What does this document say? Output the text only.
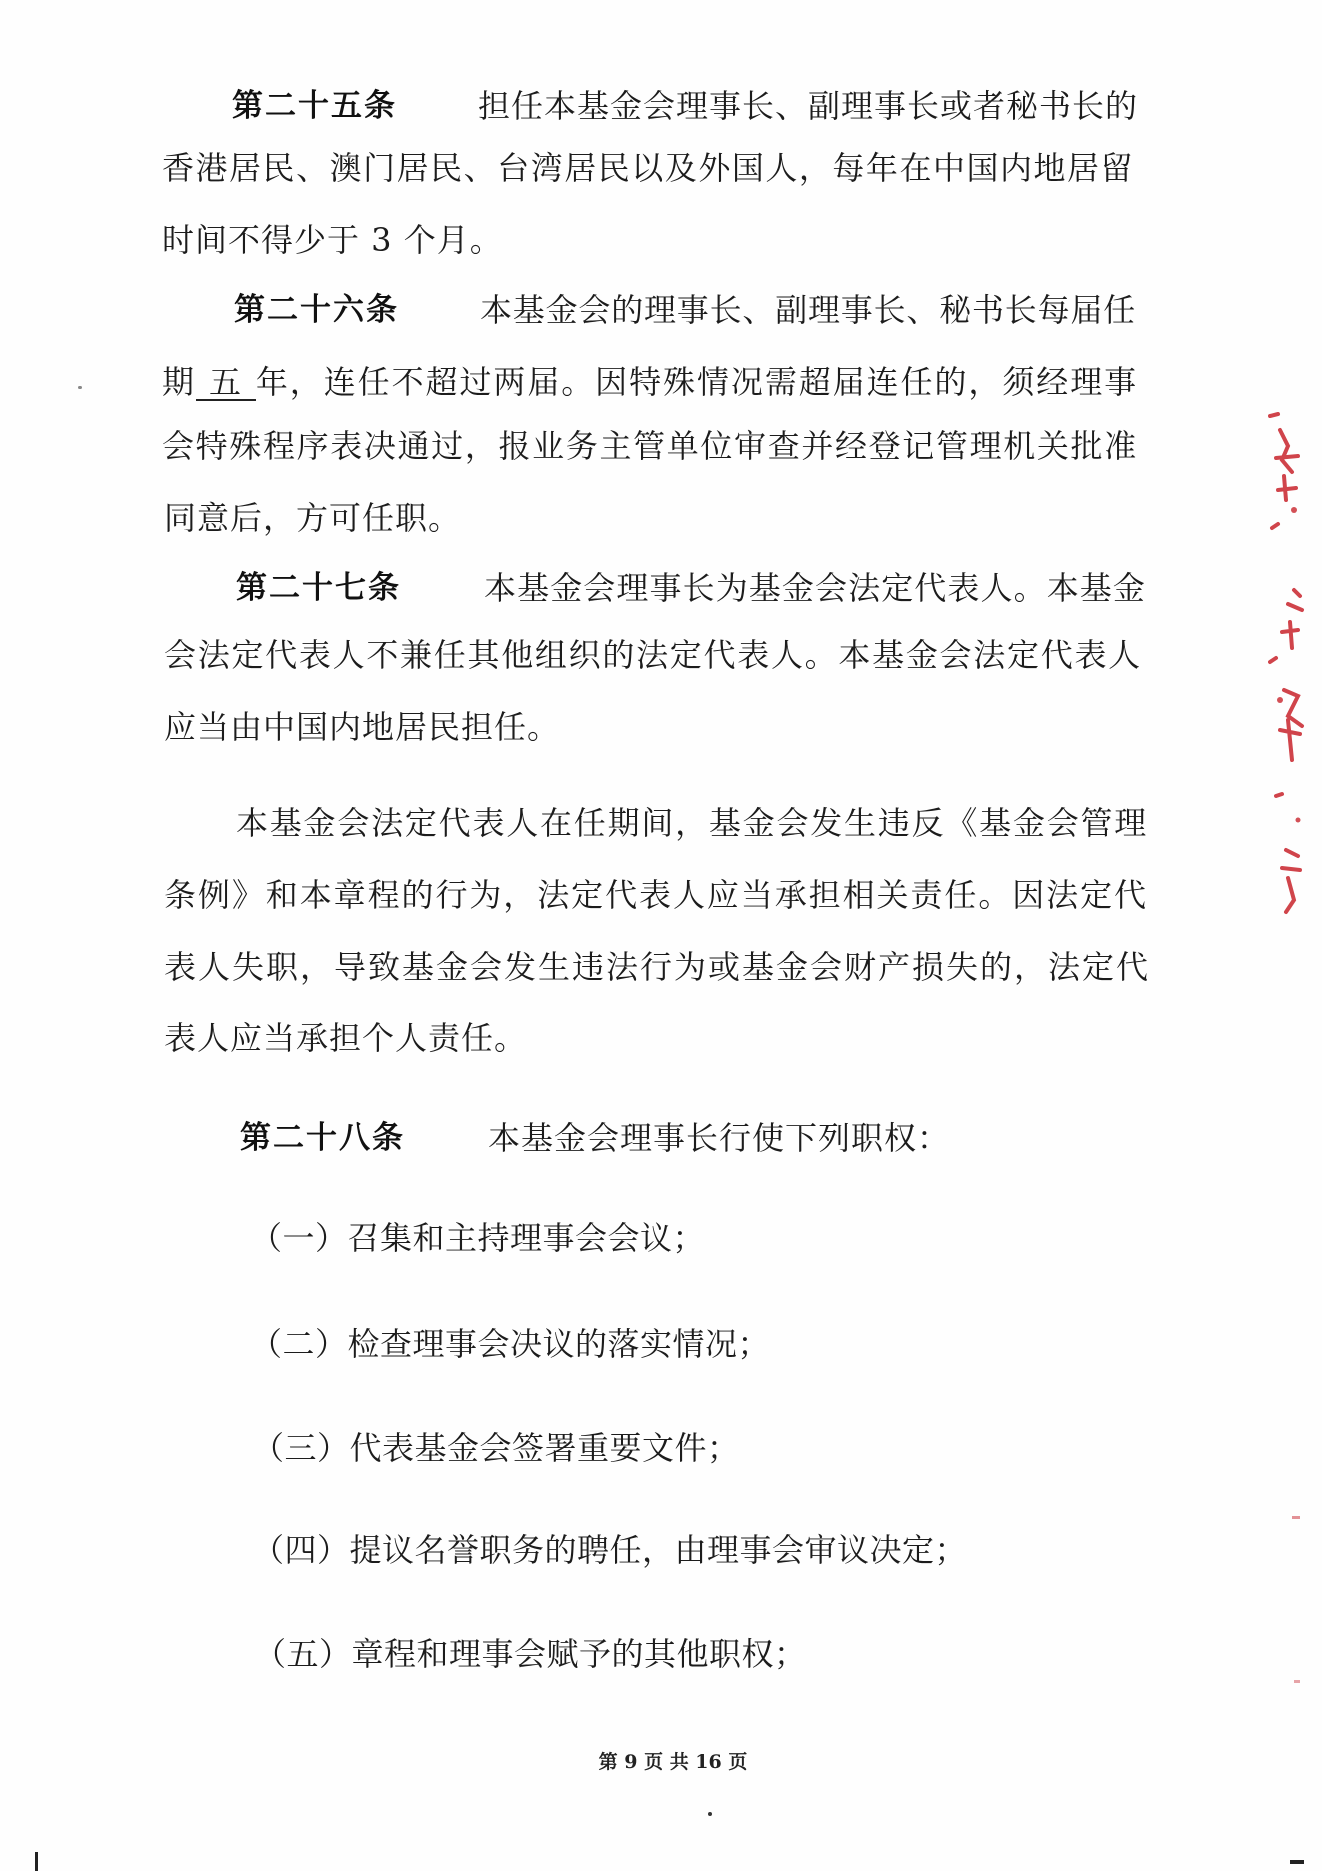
第二十五条	担任本基金会理事长、副理事长或者秘书长的
香港居民、澳门居民、台湾居民以及外国人，每年在中国内地居留
时间不得少于 3 个月。
第二十六条	本基金会的理事长、副理事长、秘书长每届任
期 五 年，连任不超过两届。因特殊情况需超届连任的，须经理事
会特殊程序表决通过，报业务主管单位审查并经登记管理机关批准
同意后，方可任职。
第二十七条	本基金会理事长为基金会法定代表人。本基金
会法定代表人不兼任其他组织的法定代表人。本基金会法定代表人
应当由中国内地居民担任。
本基金会法定代表人在任期间，基金会发生违反《基金会管理
条例》和本章程的行为，法定代表人应当承担相关责任。因法定代
表人失职，导致基金会发生违法行为或基金会财产损失的，法定代
表人应当承担个人责任。
第二十八条	本基金会理事长行使下列职权：
（一）召集和主持理事会会议；
（二）检查理事会决议的落实情况；
（三）代表基金会签署重要文件；
（四）提议名誉职务的聘任，由理事会审议决定；
（五）章程和理事会赋予的其他职权；
第 9 页 共 16 页
